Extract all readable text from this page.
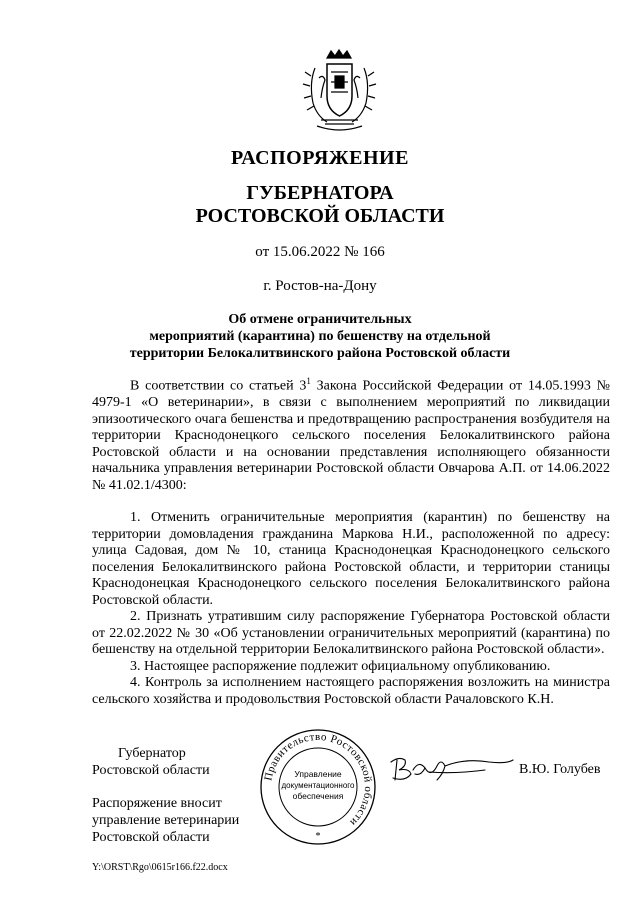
РАСПОРЯЖЕНИЕ
ГУБЕРНАТОРА
РОСТОВСКОЙ ОБЛАСТИ
от 15.06.2022 № 166
г. Ростов-на-Дону
Об отмене ограничительных
мероприятий (карантина) по бешенству на отдельной
территории Белокалитвинского района Ростовской области

В соответствии со статьей $3^1$ Закона Российской Федерации от 14.05.1993 № 4979-1 «О ветеринарии», в связи с выполнением мероприятий по ликвидации эпизоотического очага бешенства и предотвращению распространения возбудителя на территории Краснодонецкого сельского поселения Белокалитвинского района Ростовской области и на основании представления исполняющего обязанности начальника управления ветеринарии Ростовской области Овчарова А.П. от 14.06.2022 № 41.02.1/4300:

1. Отменить ограничительные мероприятия (карантин) по бешенству на территории домовладения гражданина Маркова Н.И., расположенной по адресу: улица Садовая, дом № 10, станица Краснодонецкая Краснодонецкого сельского поселения Белокалитвинского района Ростовской области, и территории станицы Краснодонецкая Краснодонецкого сельского поселения Белокалитвинского района Ростовской области.

2. Признать утратившим силу распоряжение Губернатора Ростовской области от 22.02.2022 № 30 «Об установлении ограничительных мероприятий (карантина) по бешенству на отдельной территории Белокалитвинского района Ростовской области».

3. Настоящее распоряжение подлежит официальному опубликованию.

4. Контроль за исполнением настоящего распоряжения возложить на министра сельского хозяйства и продовольствия Ростовской области Рачаловского К.Н.

Губернатор
Ростовской области	Правительство Ростовской области
Управление
документационного
обеспечения
*
В.Ю. Голубев
Распоряжение вносит
управление ветеринарии
Ростовской области
Y:\ORST\Rgo\0615r166.f22.docx
